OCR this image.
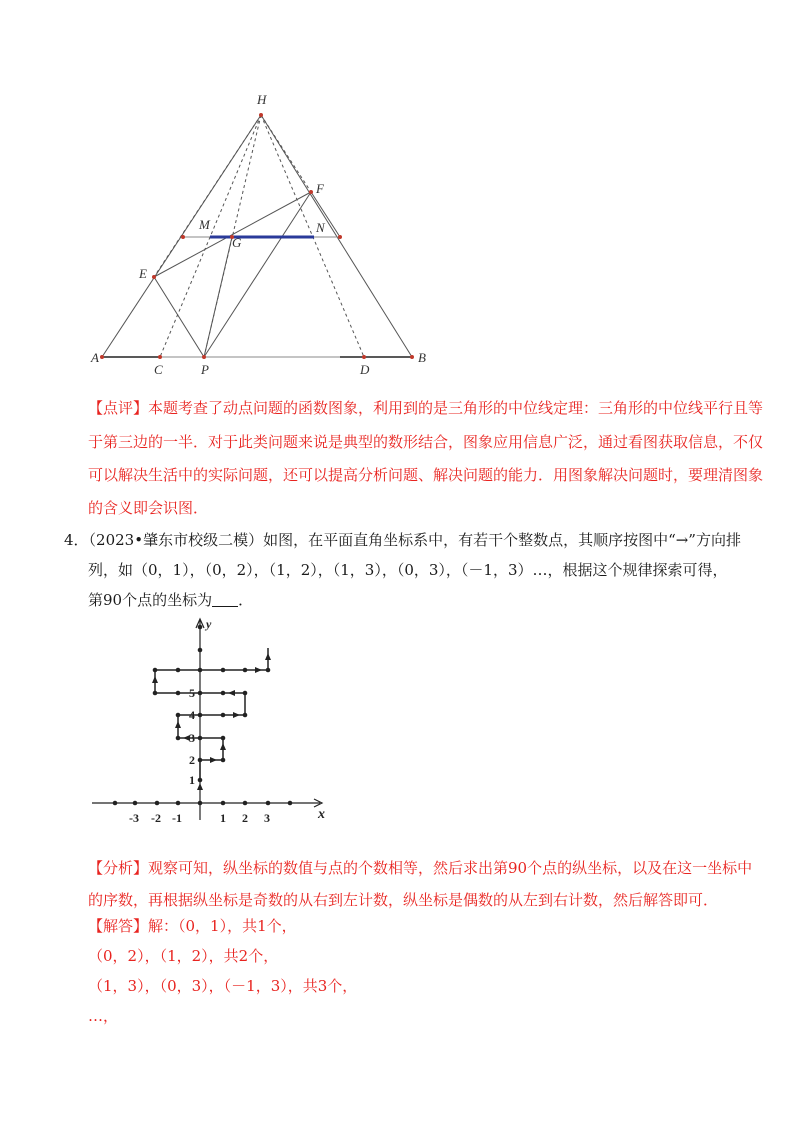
H
F
M
G
N
E
A
C	P	D
B
【点评】本题考查了动点问题的函数图象，利用到的是三角形的中位线定理：三角形的中位线平行且等
于第三边的一半．对于此类问题来说是典型的数形结合，图象应用信息广泛，通过看图获取信息，不仅
可以解决生活中的实际问题，还可以提高分析问题、解决问题的能力．用图象解决问题时，要理清图象
的含义即会识图．
4．（2023•肇东市校级二模）如图，在平面直角坐标系中，有若干个整数点，其顺序按图中“→”方向排
列，如（0，1），（0，2），（1，2），（1，3），（0，3），（－1，3）…，根据这个规律探索可得，
第90个点的坐标为 ．
y
x
-3 -2 -1	1 2 3
1
2
3
4
5
【分析】观察可知，纵坐标的数值与点的个数相等，然后求出第90个点的纵坐标，以及在这一坐标中
的序数，再根据纵坐标是奇数的从右到左计数，纵坐标是偶数的从左到右计数，然后解答即可．
【解答】解：（0，1），共1个，
（0，2），（1，2），共2个，
（1，3），（0，3），（－1，3），共3个，
…，
